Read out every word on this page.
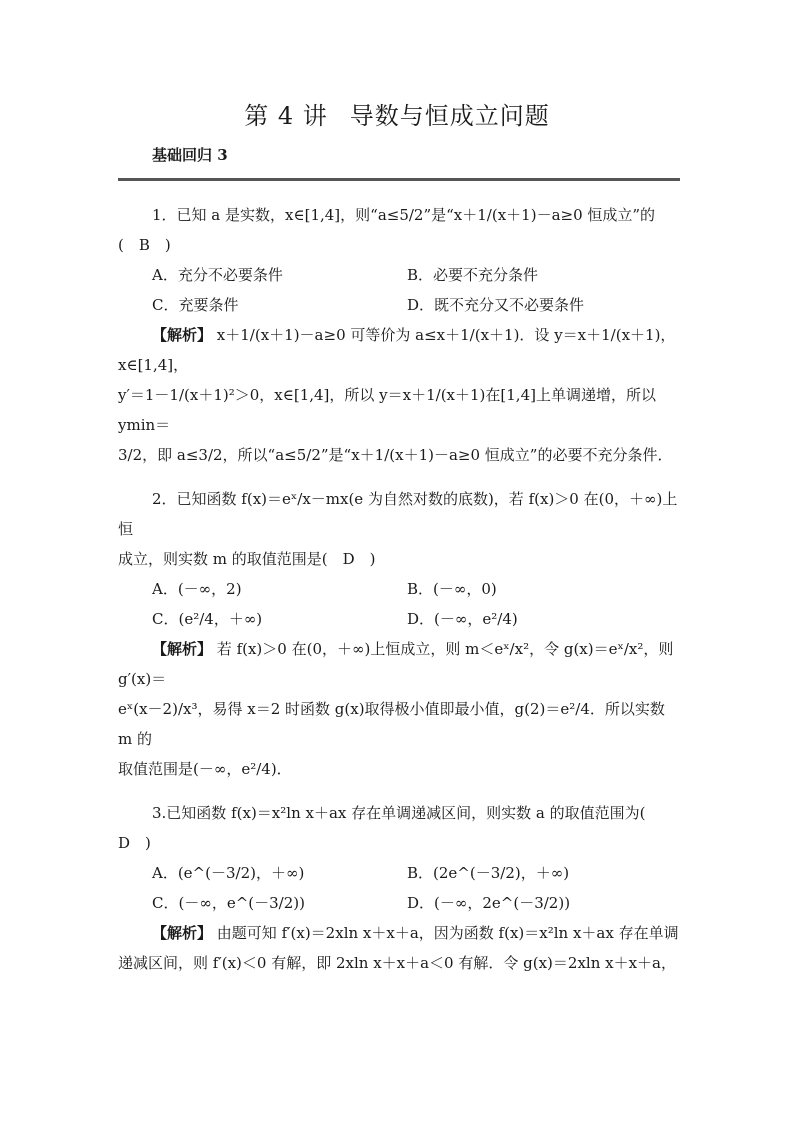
第 4 讲 导数与恒成立问题
基础回归 3

1．已知 a 是实数，x∈[1,4]，则“a≤5/2”是“x＋1/(x＋1)－a≥0 恒成立”的

(　B　)

A．充分不必要条件	B．必要不充分条件
C．充要条件	D．既不充分又不必要条件

【解析】 x＋1/(x＋1)－a≥0 可等价为 a≤x＋1/(x＋1)．设 y＝x＋1/(x＋1)，x∈[1,4]，

y′＝1－1/(x＋1)²＞0，x∈[1,4]，所以 y＝x＋1/(x＋1)在[1,4]上单调递增，所以 ymin＝

3/2，即 a≤3/2，所以“a≤5/2”是“x＋1/(x＋1)－a≥0 恒成立”的必要不充分条件．

2．已知函数 f(x)＝eˣ/x－mx(e 为自然对数的底数)，若 f(x)＞0 在(0，＋∞)上恒

成立，则实数 m 的取值范围是(　D　)

A．(－∞，2)	B．(－∞，0)
C．(e²/4，＋∞)	D．(－∞，e²/4)

【解析】 若 f(x)＞0 在(0，＋∞)上恒成立，则 m＜eˣ/x²，令 g(x)＝eˣ/x²，则 g′(x)＝

eˣ(x－2)/x³，易得 x＝2 时函数 g(x)取得极小值即最小值，g(2)＝e²/4．所以实数 m 的

取值范围是(－∞，e²/4)．

3.已知函数 f(x)＝x²ln x＋ax 存在单调递减区间，则实数 a 的取值范围为(　D　)

A．(e^(－3/2)，＋∞)	B．(2e^(－3/2)，＋∞)
C．(－∞，e^(－3/2))	D．(－∞，2e^(－3/2))

【解析】 由题可知 f′(x)＝2xln x＋x＋a，因为函数 f(x)＝x²ln x＋ax 存在单调

递减区间，则 f′(x)＜0 有解，即 2xln x＋x＋a＜0 有解．令 g(x)＝2xln x＋x＋a，
